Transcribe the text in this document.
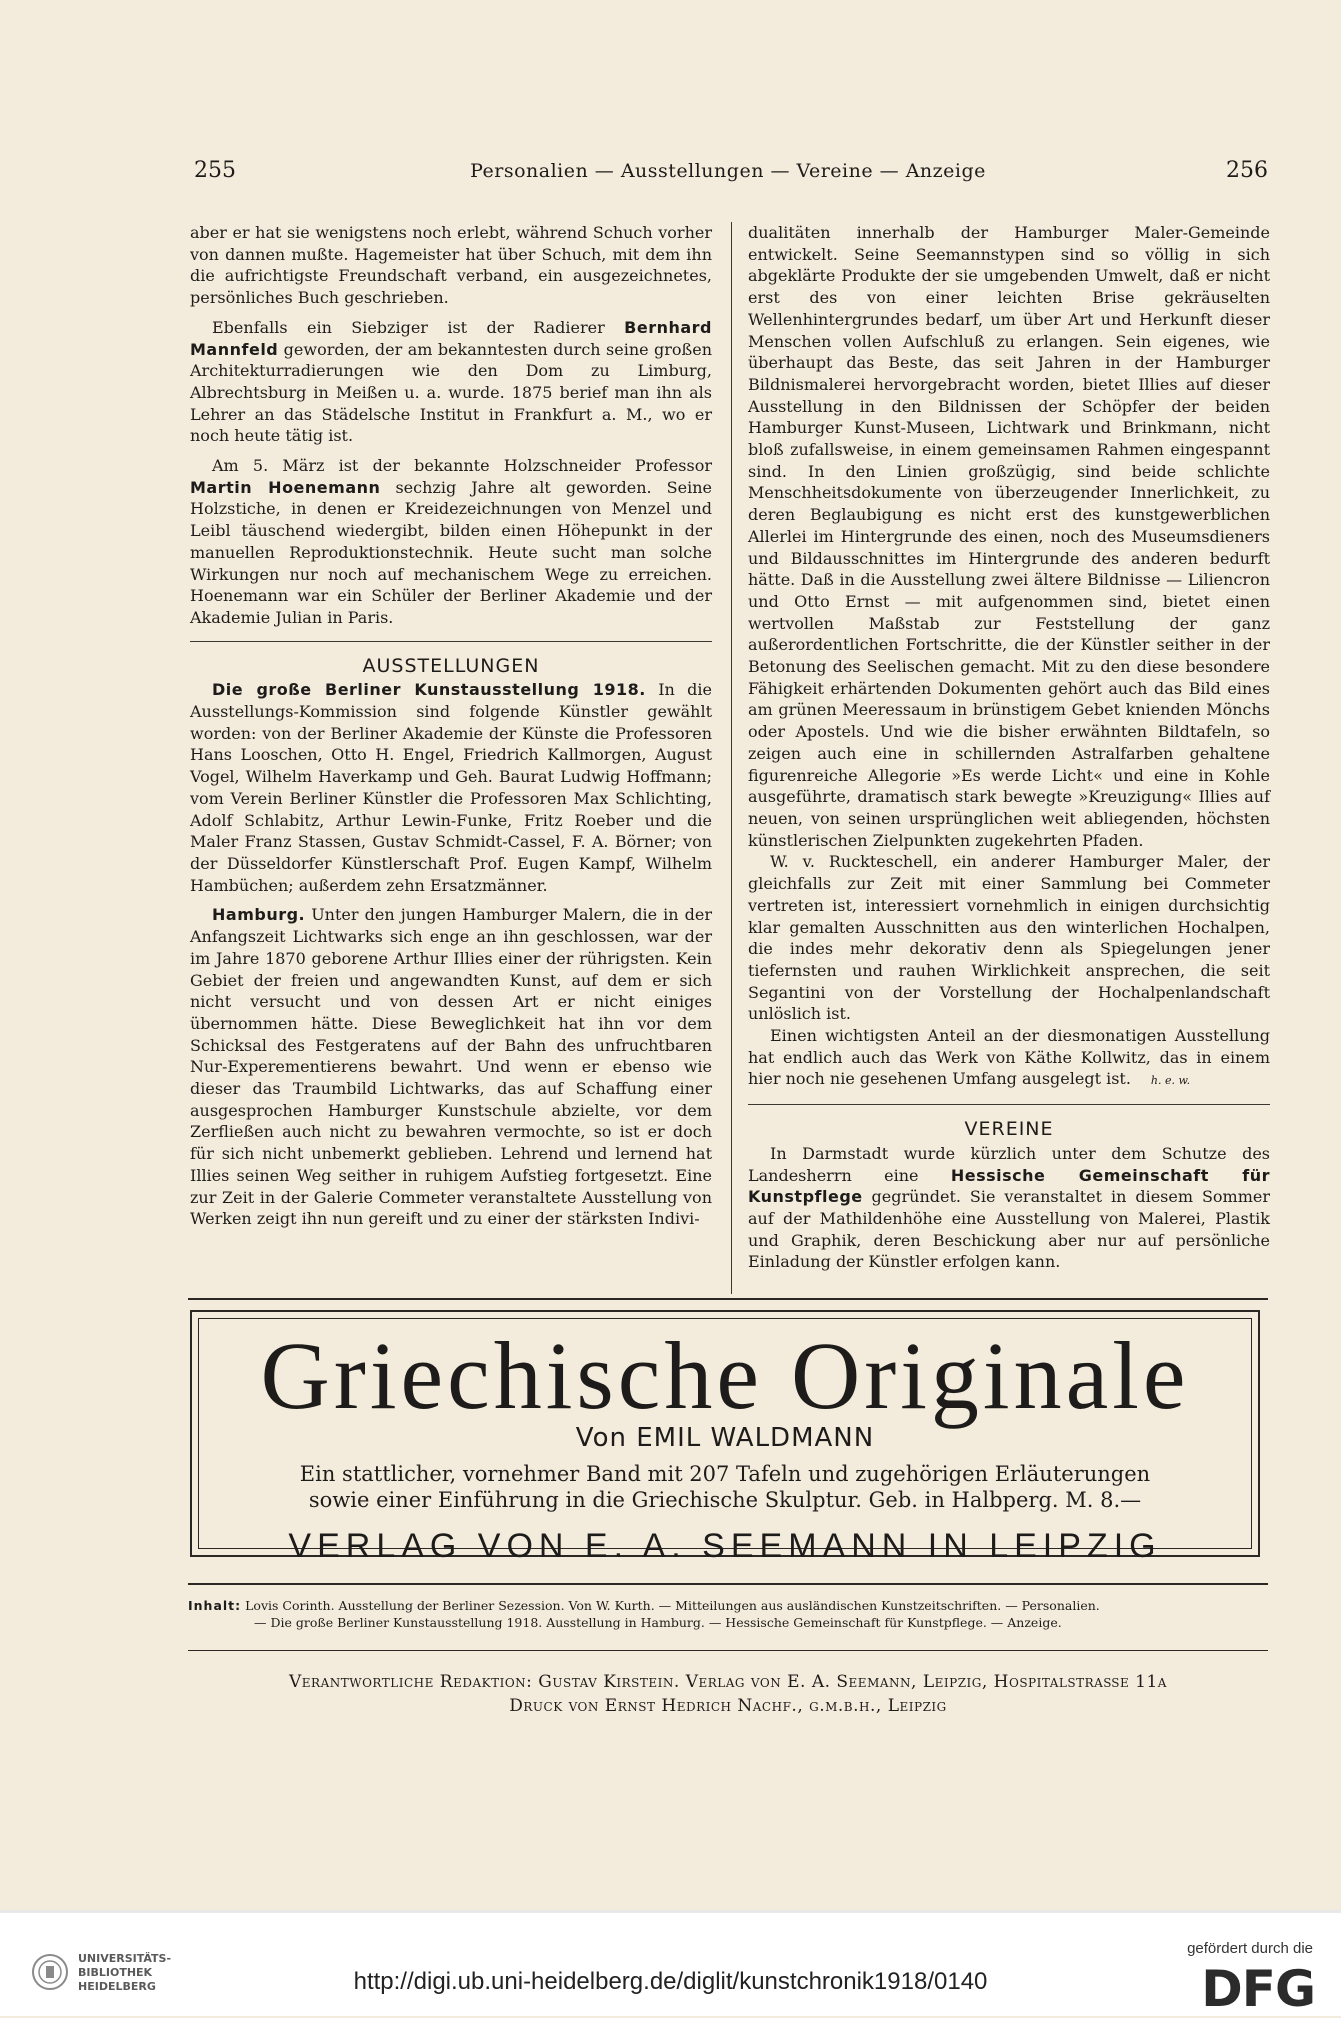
255	Personalien — Ausstellungen — Vereine — Anzeige	256

aber er hat sie wenigstens noch erlebt, während Schuch vorher von dannen mußte. Hagemeister hat über Schuch, mit dem ihn die aufrichtigste Freundschaft verband, ein ausgezeichnetes, persönliches Buch geschrieben.

Ebenfalls ein Siebziger ist der Radierer Bernhard Mannfeld geworden, der am bekanntesten durch seine großen Architekturradierungen wie den Dom zu Limburg, Albrechtsburg in Meißen u. a. wurde. 1875 berief man ihn als Lehrer an das Städelsche Institut in Frankfurt a. M., wo er noch heute tätig ist.

Am 5. März ist der bekannte Holzschneider Professor Martin Hoenemann sechzig Jahre alt geworden. Seine Holzstiche, in denen er Kreidezeichnungen von Menzel und Leibl täuschend wiedergibt, bilden einen Höhepunkt in der manuellen Reproduktionstechnik. Heute sucht man solche Wirkungen nur noch auf mechanischem Wege zu erreichen. Hoenemann war ein Schüler der Berliner Akademie und der Akademie Julian in Paris.

AUSSTELLUNGEN

Die große Berliner Kunstausstellung 1918. In die Ausstellungs-Kommission sind folgende Künstler gewählt worden: von der Berliner Akademie der Künste die Professoren Hans Looschen, Otto H. Engel, Friedrich Kallmorgen, August Vogel, Wilhelm Haverkamp und Geh. Baurat Ludwig Hoffmann; vom Verein Berliner Künstler die Professoren Max Schlichting, Adolf Schlabitz, Arthur Lewin-Funke, Fritz Roeber und die Maler Franz Stassen, Gustav Schmidt-Cassel, F. A. Börner; von der Düsseldorfer Künstlerschaft Prof. Eugen Kampf, Wilhelm Hambüchen; außerdem zehn Ersatzmänner.

Hamburg. Unter den jungen Hamburger Malern, die in der Anfangszeit Lichtwarks sich enge an ihn geschlossen, war der im Jahre 1870 geborene Arthur Illies einer der rührigsten. Kein Gebiet der freien und angewandten Kunst, auf dem er sich nicht versucht und von dessen Art er nicht einiges übernommen hätte. Diese Beweglichkeit hat ihn vor dem Schicksal des Festgeratens auf der Bahn des unfruchtbaren Nur-Experementierens bewahrt. Und wenn er ebenso wie dieser das Traumbild Lichtwarks, das auf Schaffung einer ausgesprochen Hamburger Kunstschule abzielte, vor dem Zerfließen auch nicht zu bewahren vermochte, so ist er doch für sich nicht unbemerkt geblieben. Lehrend und lernend hat Illies seinen Weg seither in ruhigem Aufstieg fortgesetzt. Eine zur Zeit in der Galerie Commeter veranstaltete Ausstellung von Werken zeigt ihn nun gereift und zu einer der stärksten Indivi-

dualitäten innerhalb der Hamburger Maler-Gemeinde entwickelt. Seine Seemannstypen sind so völlig in sich abgeklärte Produkte der sie umgebenden Umwelt, daß er nicht erst des von einer leichten Brise gekräuselten Wellenhintergrundes bedarf, um über Art und Herkunft dieser Menschen vollen Aufschluß zu erlangen. Sein eigenes, wie überhaupt das Beste, das seit Jahren in der Hamburger Bildnismalerei hervorgebracht worden, bietet Illies auf dieser Ausstellung in den Bildnissen der Schöpfer der beiden Hamburger Kunst-Museen, Lichtwark und Brinkmann, nicht bloß zufallsweise, in einem gemeinsamen Rahmen eingespannt sind. In den Linien großzügig, sind beide schlichte Menschheitsdokumente von überzeugender Innerlichkeit, zu deren Beglaubigung es nicht erst des kunstgewerblichen Allerlei im Hintergrunde des einen, noch des Museumsdieners und Bildausschnittes im Hintergrunde des anderen bedurft hätte. Daß in die Ausstellung zwei ältere Bildnisse — Liliencron und Otto Ernst — mit aufgenommen sind, bietet einen wertvollen Maßstab zur Feststellung der ganz außerordentlichen Fortschritte, die der Künstler seither in der Betonung des Seelischen gemacht. Mit zu den diese besondere Fähigkeit erhärtenden Dokumenten gehört auch das Bild eines am grünen Meeressaum in brünstigem Gebet knienden Mönchs oder Apostels. Und wie die bisher erwähnten Bildtafeln, so zeigen auch eine in schillernden Astralfarben gehaltene figurenreiche Allegorie »Es werde Licht« und eine in Kohle ausgeführte, dramatisch stark bewegte »Kreuzigung« Illies auf neuen, von seinen ursprünglichen weit abliegenden, höchsten künstlerischen Zielpunkten zugekehrten Pfaden.

W. v. Ruckteschell, ein anderer Hamburger Maler, der gleichfalls zur Zeit mit einer Sammlung bei Commeter vertreten ist, interessiert vornehmlich in einigen durchsichtig klar gemalten Ausschnitten aus den winterlichen Hochalpen, die indes mehr dekorativ denn als Spiegelungen jener tiefernsten und rauhen Wirklichkeit ansprechen, die seit Segantini von der Vorstellung der Hochalpenlandschaft unlöslich ist.

Einen wichtigsten Anteil an der diesmonatigen Ausstellung hat endlich auch das Werk von Käthe Kollwitz, das in einem hier noch nie gesehenen Umfang ausgelegt ist. h. e. w.

VEREINE

In Darmstadt wurde kürzlich unter dem Schutze des Landesherrn eine Hessische Gemeinschaft für Kunstpflege gegründet. Sie veranstaltet in diesem Sommer auf der Mathildenhöhe eine Ausstellung von Malerei, Plastik und Graphik, deren Beschickung aber nur auf persönliche Einladung der Künstler erfolgen kann.

Griechische Originale
Von EMIL WALDMANN
Ein stattlicher, vornehmer Band mit 207 Tafeln und zugehörigen Erläuterungen
sowie einer Einführung in die Griechische Skulptur. Geb. in Halbperg. M. 8.—
VERLAG VON E. A. SEEMANN IN LEIPZIG
Inhalt: Lovis Corinth. Ausstellung der Berliner Sezession. Von W. Kurth. — Mitteilungen aus ausländischen Kunstzeitschriften. — Personalien.
— Die große Berliner Kunstausstellung 1918. Ausstellung in Hamburg. — Hessische Gemeinschaft für Kunstpflege. — Anzeige.
Verantwortliche Redaktion: Gustav Kirstein. Verlag von E. A. Seemann, Leipzig, Hospitalstraße 11a
Druck von Ernst Hedrich Nachf., g.m.b.h., Leipzig
UNIVERSITÄTS-
BIBLIOTHEK
HEIDELBERG	http://digi.ub.uni-heidelberg.de/diglit/kunstchronik1918/0140
gefördert durch die
DFG
